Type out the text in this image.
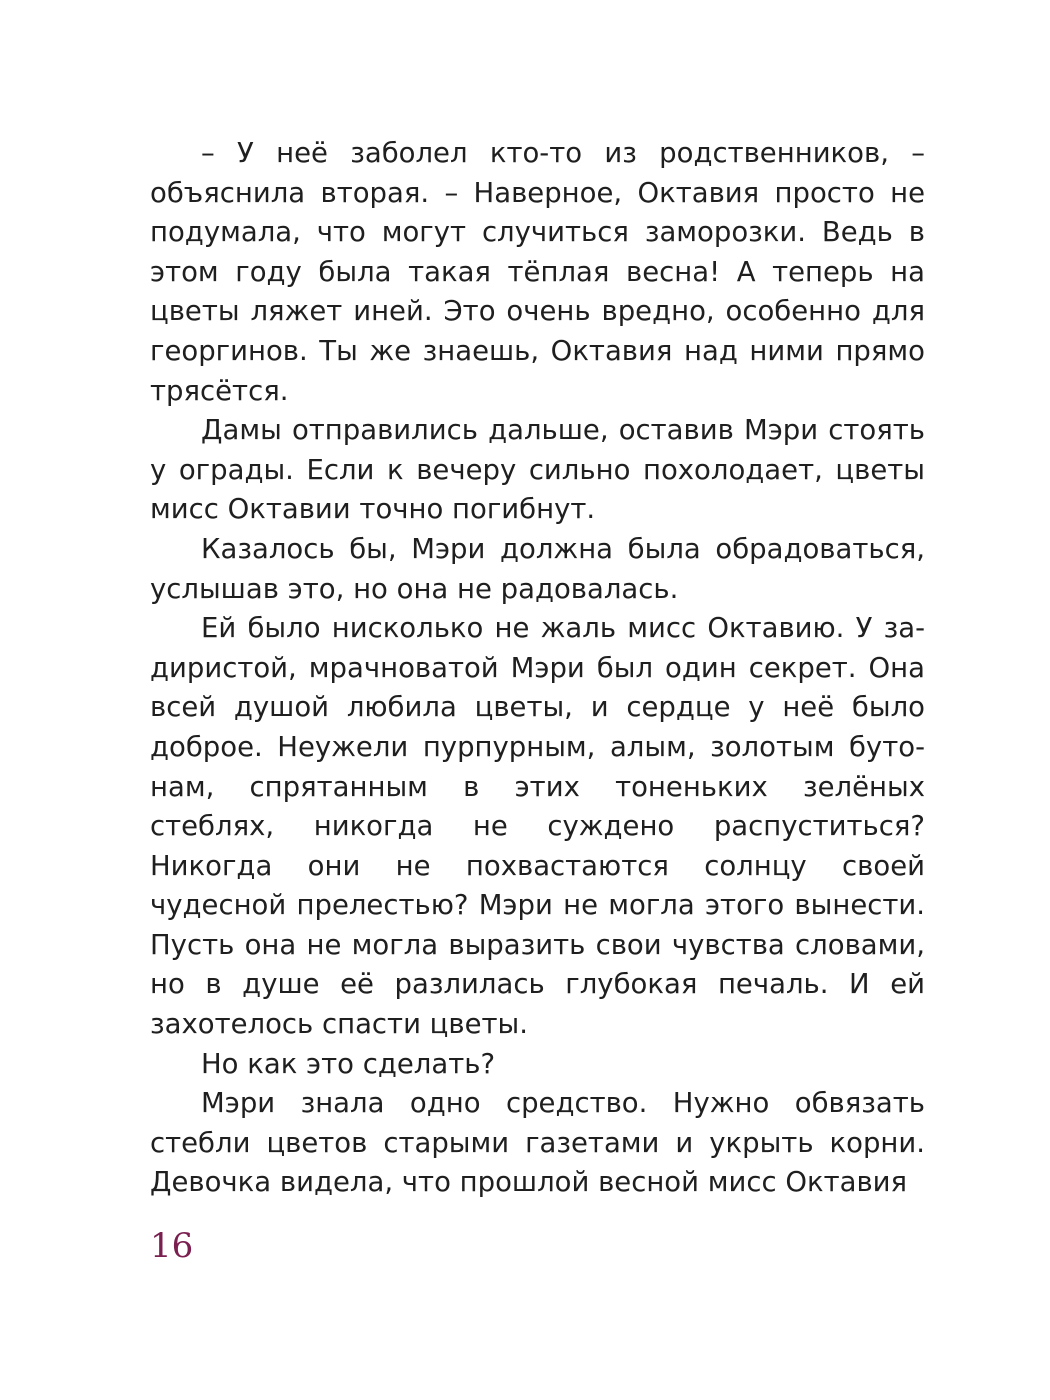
– У неё заболел кто-то из родственников, – объяснила вторая. – Наверное, Октавия просто не подумала, что могут случиться заморозки. Ведь в этом году была такая тёплая весна! А теперь на цветы ляжет иней. Это очень вредно, особенно для георгинов. Ты же знаешь, Октавия над ними прямо трясётся.

Дамы отправились дальше, оставив Мэри стоять у ограды. Если к вечеру сильно похолодает, цветы мисс Октавии точно погибнут.

Казалось бы, Мэри должна была обрадоваться, услышав это, но она не радовалась.

Ей было нисколько не жаль мисс Октавию. У задиристой, мрачноватой Мэри был один секрет. Она всей душой любила цветы, и сердце у неё было доброе. Неужели пурпурным, алым, золотым бутонам, спрятанным в этих тоненьких зелёных стеблях, никогда не суждено распуститься? Никогда они не похвастаются солнцу своей чудесной прелестью? Мэри не могла этого вынести. Пусть она не могла выразить свои чувства словами, но в душе её разлилась глубокая печаль. И ей захотелось спасти цветы.

Но как это сделать?

Мэри знала одно средство. Нужно обвязать стебли цветов старыми газетами и укрыть корни. Девочка видела, что прошлой весной мисс Октавия

16
